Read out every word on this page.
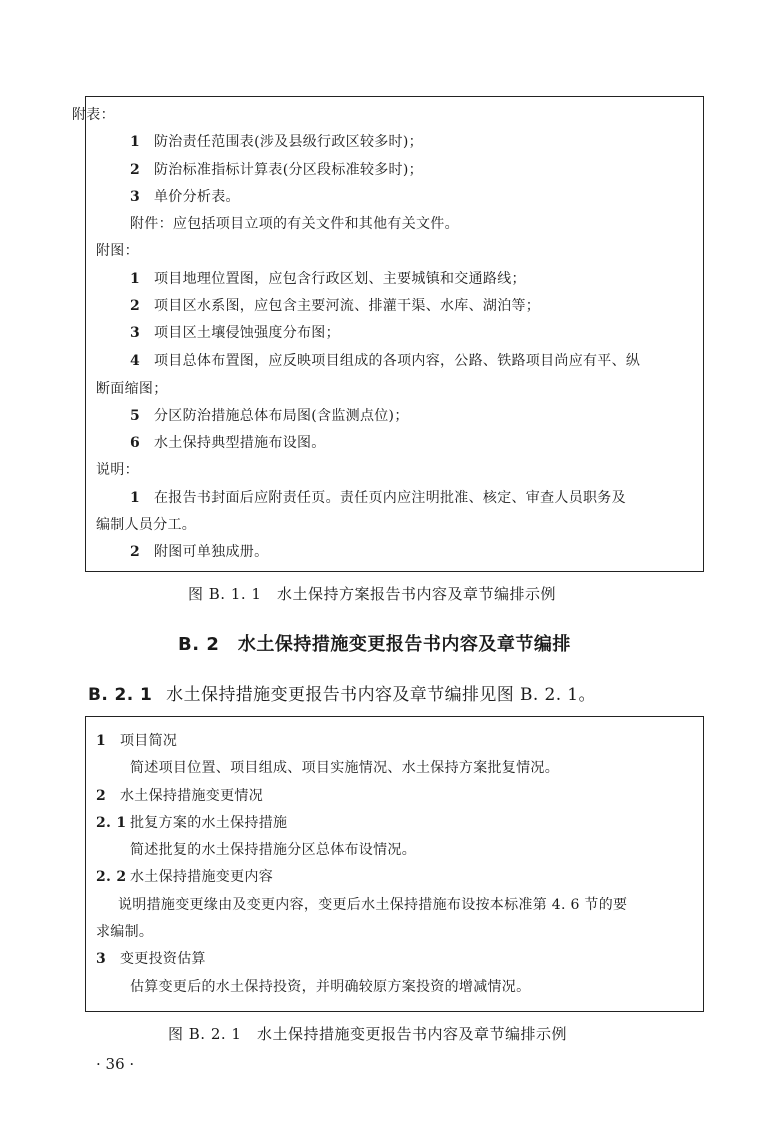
附表：
1 防治责任范围表(涉及县级行政区较多时)；
2 防治标准指标计算表(分区段标准较多时)；
3 单价分析表。
附件：应包括项目立项的有关文件和其他有关文件。
附图：
1 项目地理位置图，应包含行政区划、主要城镇和交通路线；
2 项目区水系图，应包含主要河流、排灌干渠、水库、湖泊等；
3 项目区土壤侵蚀强度分布图；
4 项目总体布置图，应反映项目组成的各项内容，公路、铁路项目尚应有平、纵
断面缩图；
5 分区防治措施总体布局图(含监测点位)；
6 水土保持典型措施布设图。
说明：
1 在报告书封面后应附责任页。责任页内应注明批准、核定、审查人员职务及
编制人员分工。
2 附图可单独成册。
图 B. 1. 1　水土保持方案报告书内容及章节编排示例
B. 2　水土保持措施变更报告书内容及章节编排
B. 2. 1 水土保持措施变更报告书内容及章节编排见图 B. 2. 1。
1 项目简况
简述项目位置、项目组成、项目实施情况、水土保持方案批复情况。
2 水土保持措施变更情况
2. 1 批复方案的水土保持措施
简述批复的水土保持措施分区总体布设情况。
2. 2 水土保持措施变更内容
说明措施变更缘由及变更内容，变更后水土保持措施布设按本标准第 4. 6 节的要
求编制。
3 变更投资估算
估算变更后的水土保持投资，并明确较原方案投资的增减情况。
图 B. 2. 1　水土保持措施变更报告书内容及章节编排示例
· 36 ·
